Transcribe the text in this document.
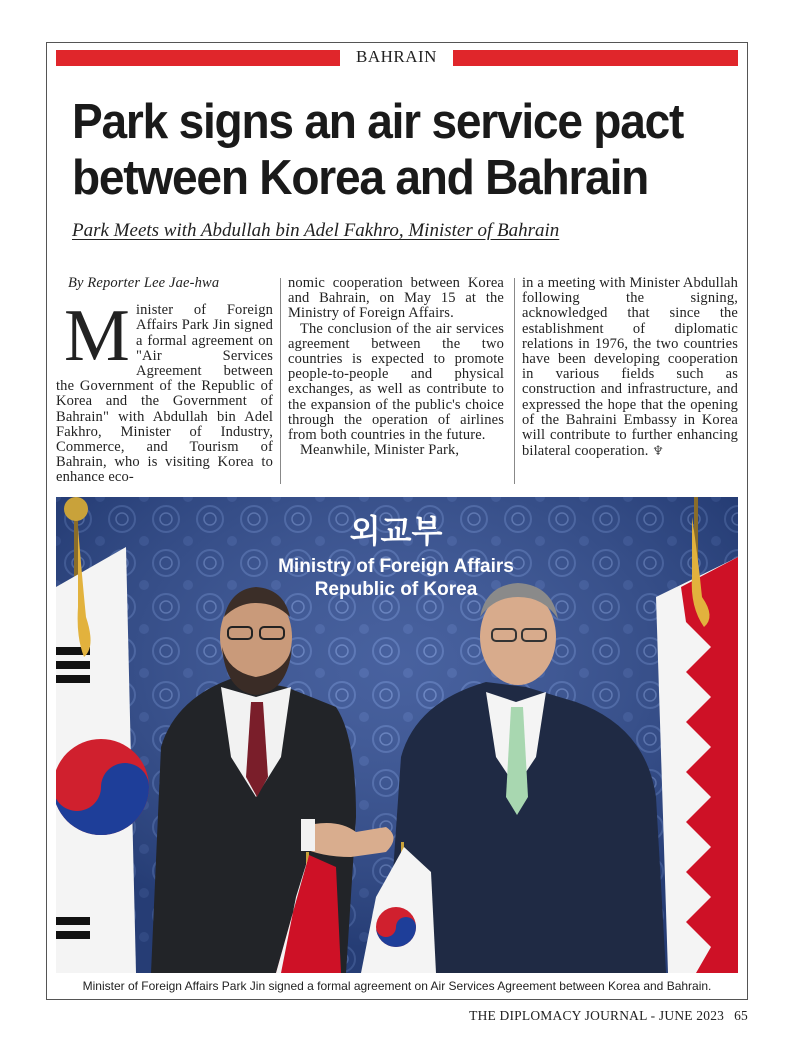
BAHRAIN
Park signs an air service pact between Korea and Bahrain
Park Meets with Abdullah bin Adel Fakhro, Minister of Bahrain
By Reporter Lee Jae-hwa

Minister of Foreign Affairs Park Jin signed a formal agreement on "Air Services Agreement between the Government of the Republic of Korea and the Government of Bahrain" with Abdullah bin Adel Fakhro, Minister of Industry, Commerce, and Tourism of Bahrain, who is visiting Korea to enhance eco-

nomic cooperation between Korea and Bahrain, on May 15 at the Ministry of Foreign Affairs.

The conclusion of the air services agreement between the two countries is expected to promote people-to-people and physical exchanges, as well as contribute to the expansion of the public's choice through the operation of airlines from both countries in the future.

Meanwhile, Minister Park,

in a meeting with Minister Abdullah following the signing, acknowledged that since the establishment of diplomatic relations in 1976, the two countries have been developing cooperation in various fields such as construction and infrastructure, and expressed the hope that the opening of the Bahraini Embassy in Korea will contribute to further enhancing bilateral cooperation. ♆

외교부
Ministry of Foreign Affairs
Republic of Korea
Minister of Foreign Affairs Park Jin signed a formal agreement on Air Services Agreement between Korea and Bahrain.
THE DIPLOMACY JOURNAL - JUNE 2023 65
